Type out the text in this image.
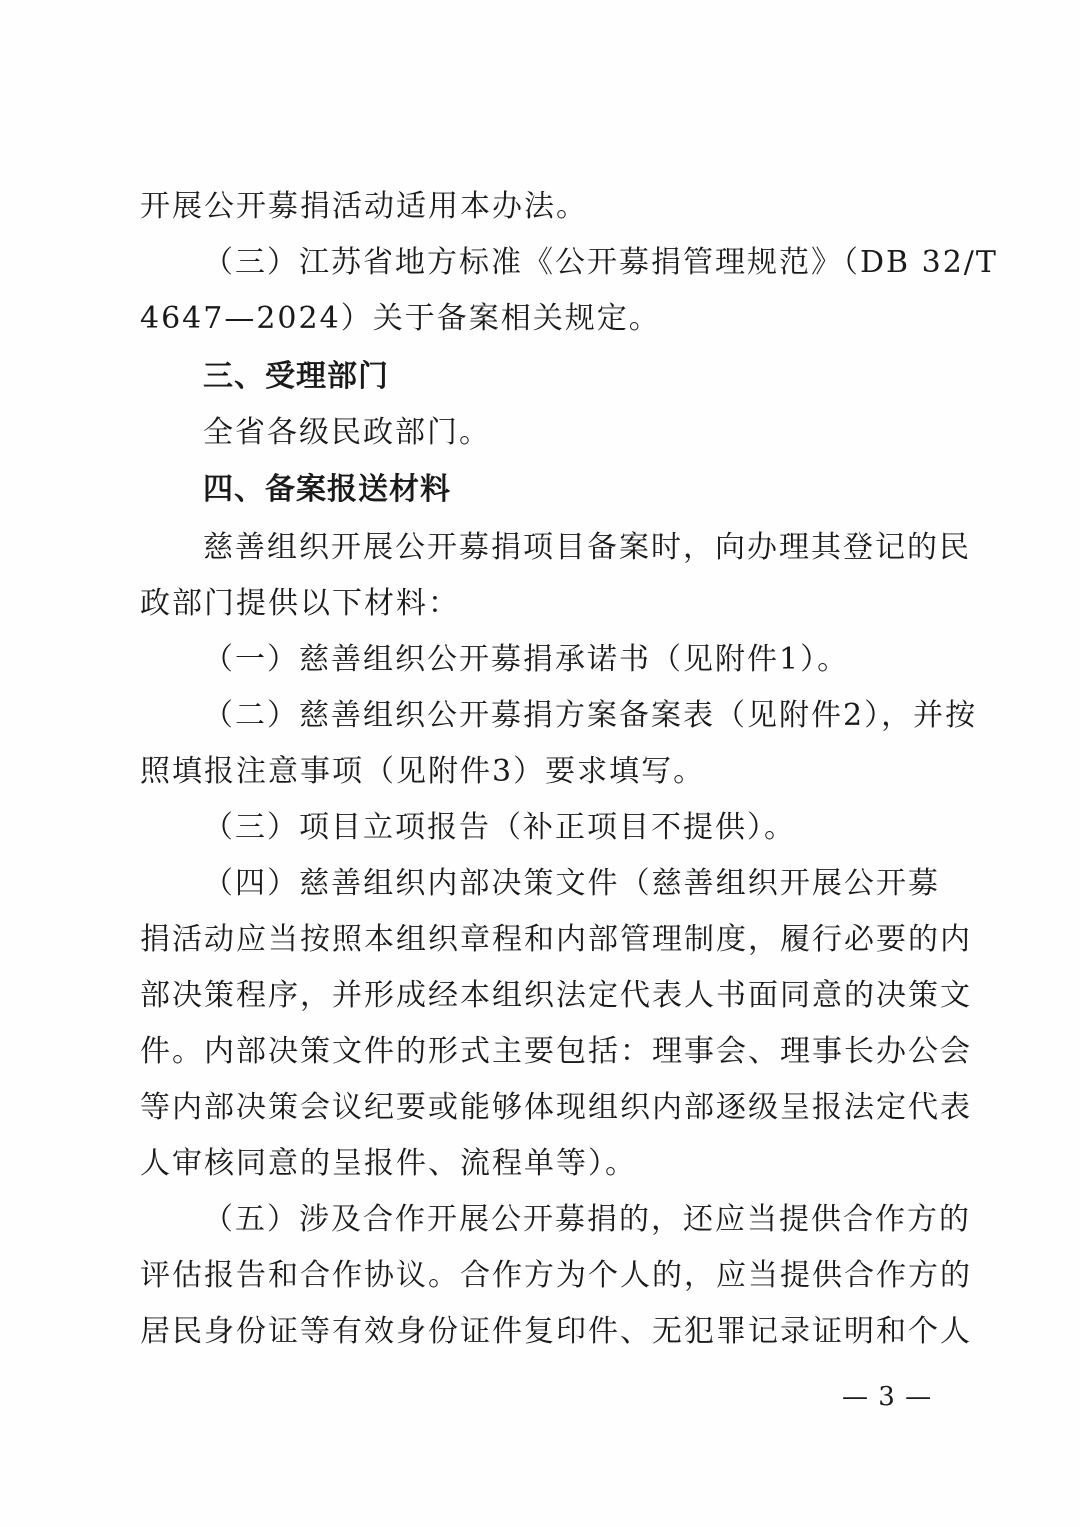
开展公开募捐活动适用本办法。
（三）江苏省地方标准《公开募捐管理规范》（DB 32/T
4647—2024）关于备案相关规定。
三、受理部门
全省各级民政部门。
四、备案报送材料
慈善组织开展公开募捐项目备案时，向办理其登记的民
政部门提供以下材料：
（一）慈善组织公开募捐承诺书（见附件1）。
（二）慈善组织公开募捐方案备案表（见附件2），并按
照填报注意事项（见附件3）要求填写。
（三）项目立项报告（补正项目不提供）。
（四）慈善组织内部决策文件（慈善组织开展公开募
捐活动应当按照本组织章程和内部管理制度，履行必要的内
部决策程序，并形成经本组织法定代表人书面同意的决策文
件。内部决策文件的形式主要包括：理事会、理事长办公会
等内部决策会议纪要或能够体现组织内部逐级呈报法定代表
人审核同意的呈报件、流程单等）。
（五）涉及合作开展公开募捐的，还应当提供合作方的
评估报告和合作协议。合作方为个人的，应当提供合作方的
居民身份证等有效身份证件复印件、无犯罪记录证明和个人
— 3 —
